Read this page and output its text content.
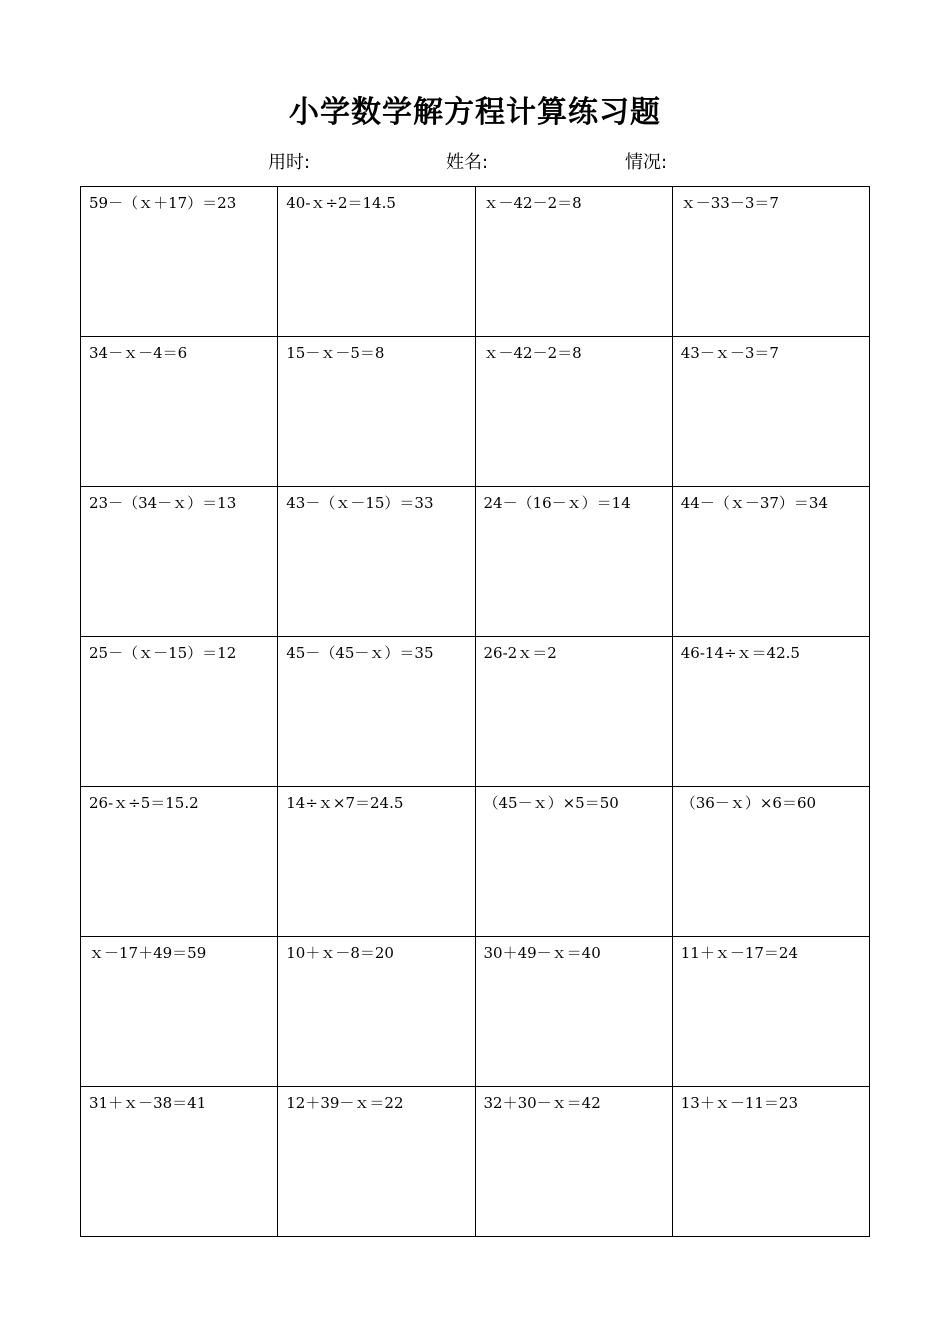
小学数学解方程计算练习题
用时:	姓名:	情况:
59－（ｘ＋17）＝23	40-ｘ÷2＝14.5	ｘ－42－2＝8	ｘ－33－3＝7
34－ｘ－4＝6	15－ｘ－5＝8	ｘ－42－2＝8	43－ｘ－3＝7
23－（34－ｘ）＝13	43－（ｘ－15）＝33	24－（16－ｘ）＝14	44－（ｘ－37）＝34
25－（ｘ－15）＝12	45－（45－ｘ）＝35	26-2ｘ＝2	46-14÷ｘ＝42.5
26-ｘ÷5＝15.2	14÷ｘ×7＝24.5	（45－ｘ）×5＝50	（36－ｘ）×6＝60
ｘ－17＋49＝59	10＋ｘ－8＝20	30＋49－ｘ＝40	11＋ｘ－17＝24
31＋ｘ－38＝41	12＋39－ｘ＝22	32＋30－ｘ＝42	13＋ｘ－11＝23
